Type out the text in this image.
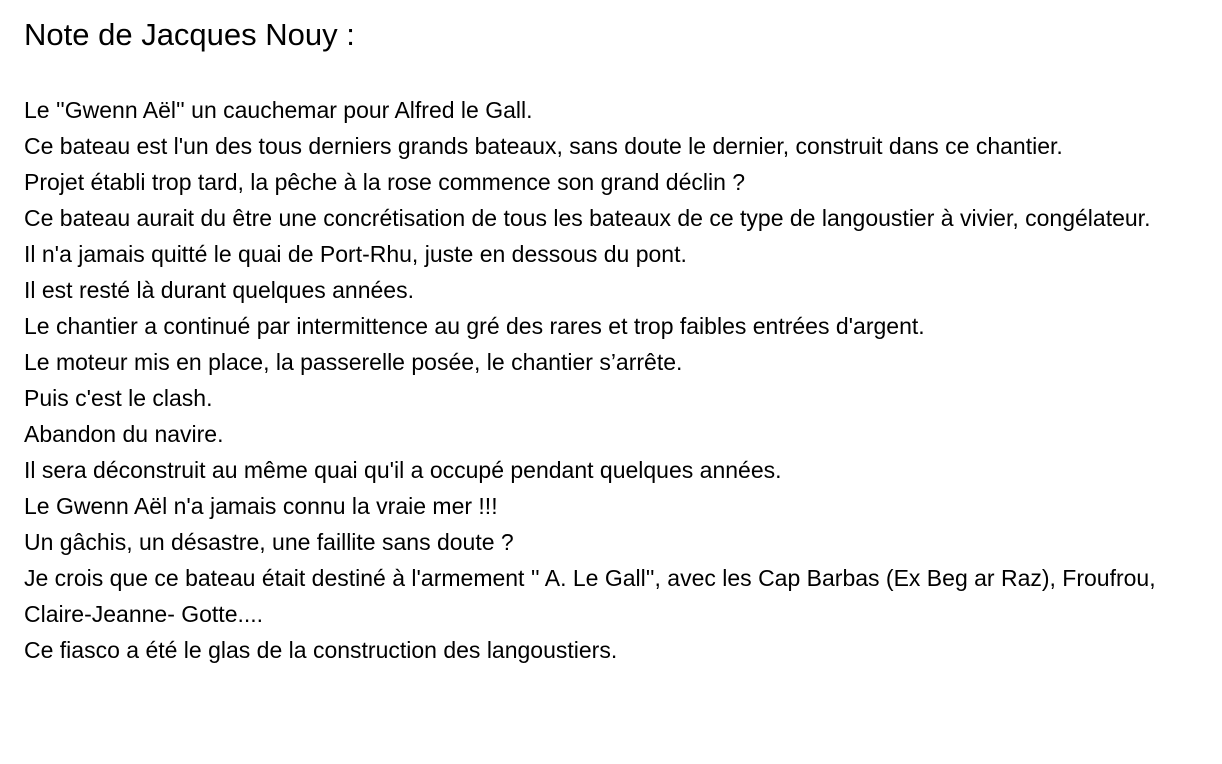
Note de Jacques Nouy :
Le ''Gwenn Aël'' un cauchemar pour Alfred le Gall.
Ce bateau est l'un des tous derniers grands bateaux, sans doute le dernier, construit dans ce chantier.
Projet établi trop tard, la pêche à la rose commence son grand déclin ?
Ce bateau aurait du être une concrétisation de tous les bateaux de ce type de langoustier à vivier, congélateur.
Il n'a jamais quitté le quai de Port-Rhu, juste en dessous du pont.
Il est resté là durant quelques années.
Le chantier a continué par intermittence au gré des rares et trop faibles entrées d'argent.
Le moteur mis en place, la passerelle posée, le chantier s’arrête.
Puis c'est le clash.
Abandon du navire.
Il sera déconstruit au même quai qu'il a occupé pendant quelques années.
Le Gwenn Aël n'a jamais connu la vraie mer !!!
Un gâchis, un désastre, une faillite sans doute ?
Je crois que ce bateau était destiné à l'armement '' A. Le Gall'', avec les Cap Barbas (Ex Beg ar Raz), Froufrou, Claire-Jeanne- Gotte....
Ce fiasco a été le glas de la construction des langoustiers.
